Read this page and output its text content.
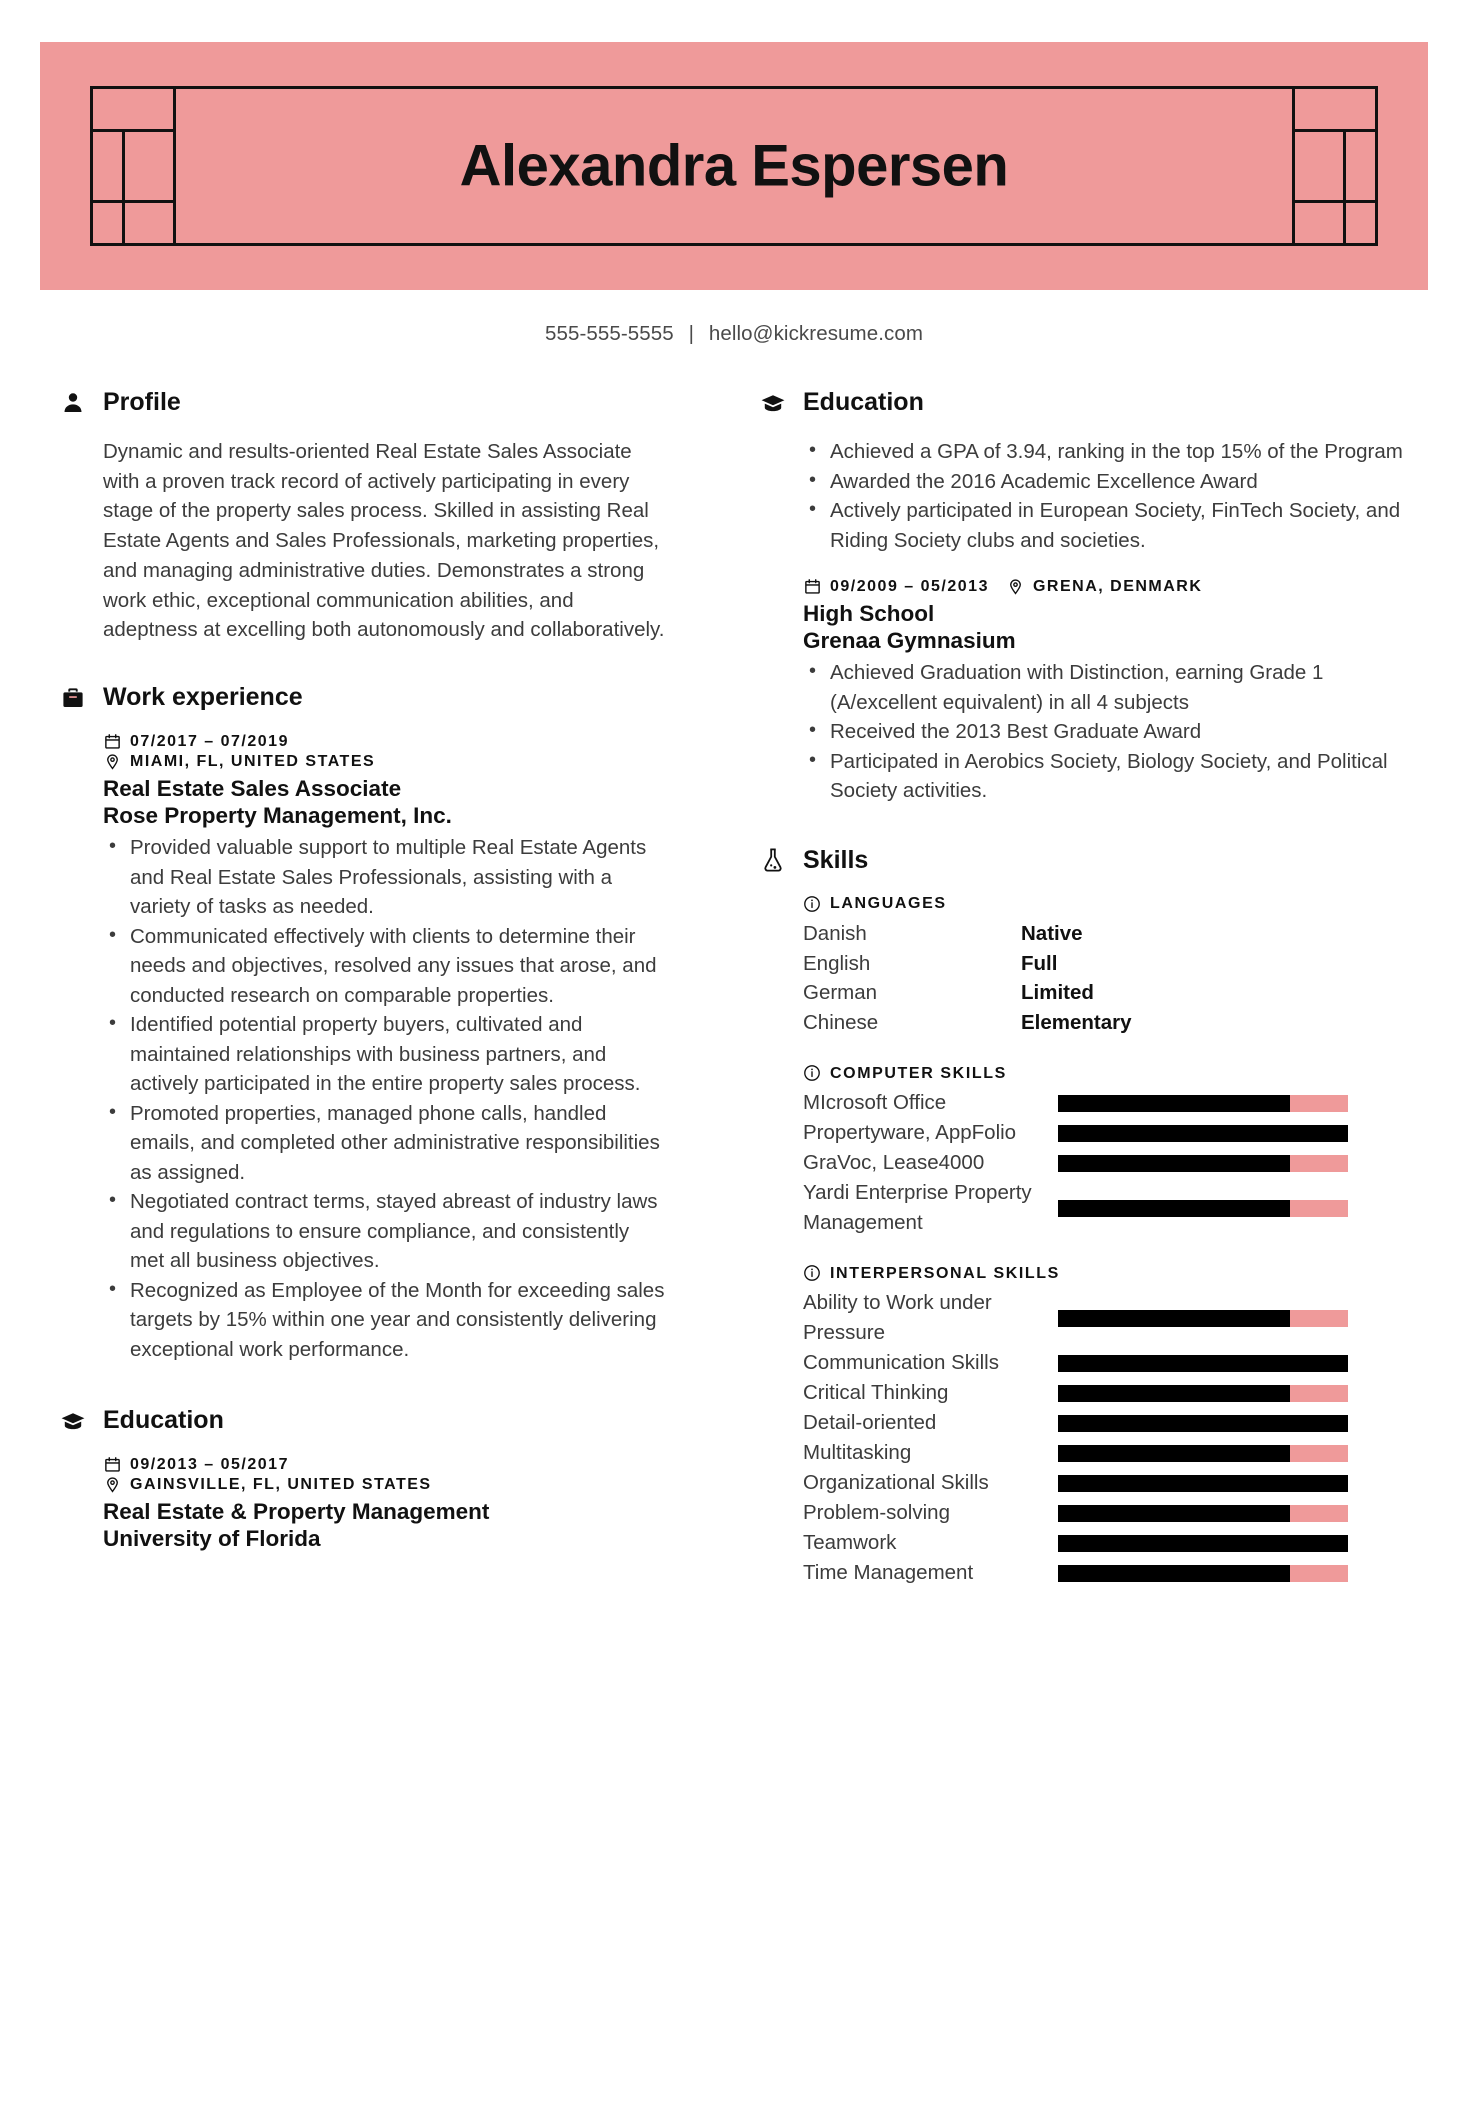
Alexandra Espersen
555-555-5555 | hello@kickresume.com
Profile
Dynamic and results-oriented Real Estate Sales Associate with a proven track record of actively participating in every stage of the property sales process. Skilled in assisting Real Estate Agents and Sales Professionals, marketing properties, and managing administrative duties. Demonstrates a strong work ethic, exceptional communication abilities, and adeptness at excelling both autonomously and collaboratively.
Work experience
07/2017 – 07/2019
MIAMI, FL, UNITED STATES
Real Estate Sales Associate
Rose Property Management, Inc.
• Provided valuable support to multiple Real Estate Agents and Real Estate Sales Professionals, assisting with a variety of tasks as needed.
• Communicated effectively with clients to determine their needs and objectives, resolved any issues that arose, and conducted research on comparable properties.
• Identified potential property buyers, cultivated and maintained relationships with business partners, and actively participated in the entire property sales process.
• Promoted properties, managed phone calls, handled emails, and completed other administrative responsibilities as assigned.
• Negotiated contract terms, stayed abreast of industry laws and regulations to ensure compliance, and consistently met all business objectives.
• Recognized as Employee of the Month for exceeding sales targets by 15% within one year and consistently delivering exceptional work performance.
Education
09/2013 – 05/2017
GAINSVILLE, FL, UNITED STATES
Real Estate & Property Management
University of Florida
Education
• Achieved a GPA of 3.94, ranking in the top 15% of the Program
• Awarded the 2016 Academic Excellence Award
• Actively participated in European Society, FinTech Society, and Riding Society clubs and societies.
09/2009 – 05/2013	GRENA, DENMARK
High School
Grenaa Gymnasium
• Achieved Graduation with Distinction, earning Grade 1 (A/excellent equivalent) in all 4 subjects
• Received the 2013 Best Graduate Award
• Participated in Aerobics Society, Biology Society, and Political Society activities.
Skills
LANGUAGES
Danish	Native
English	Full
German	Limited
Chinese	Elementary
COMPUTER SKILLS
MIcrosoft Office
Propertyware, AppFolio
GraVoc, Lease4000
Yardi Enterprise Property Management
INTERPERSONAL SKILLS
Ability to Work under Pressure
Communication Skills
Critical Thinking
Detail-oriented
Multitasking
Organizational Skills
Problem-solving
Teamwork
Time Management
